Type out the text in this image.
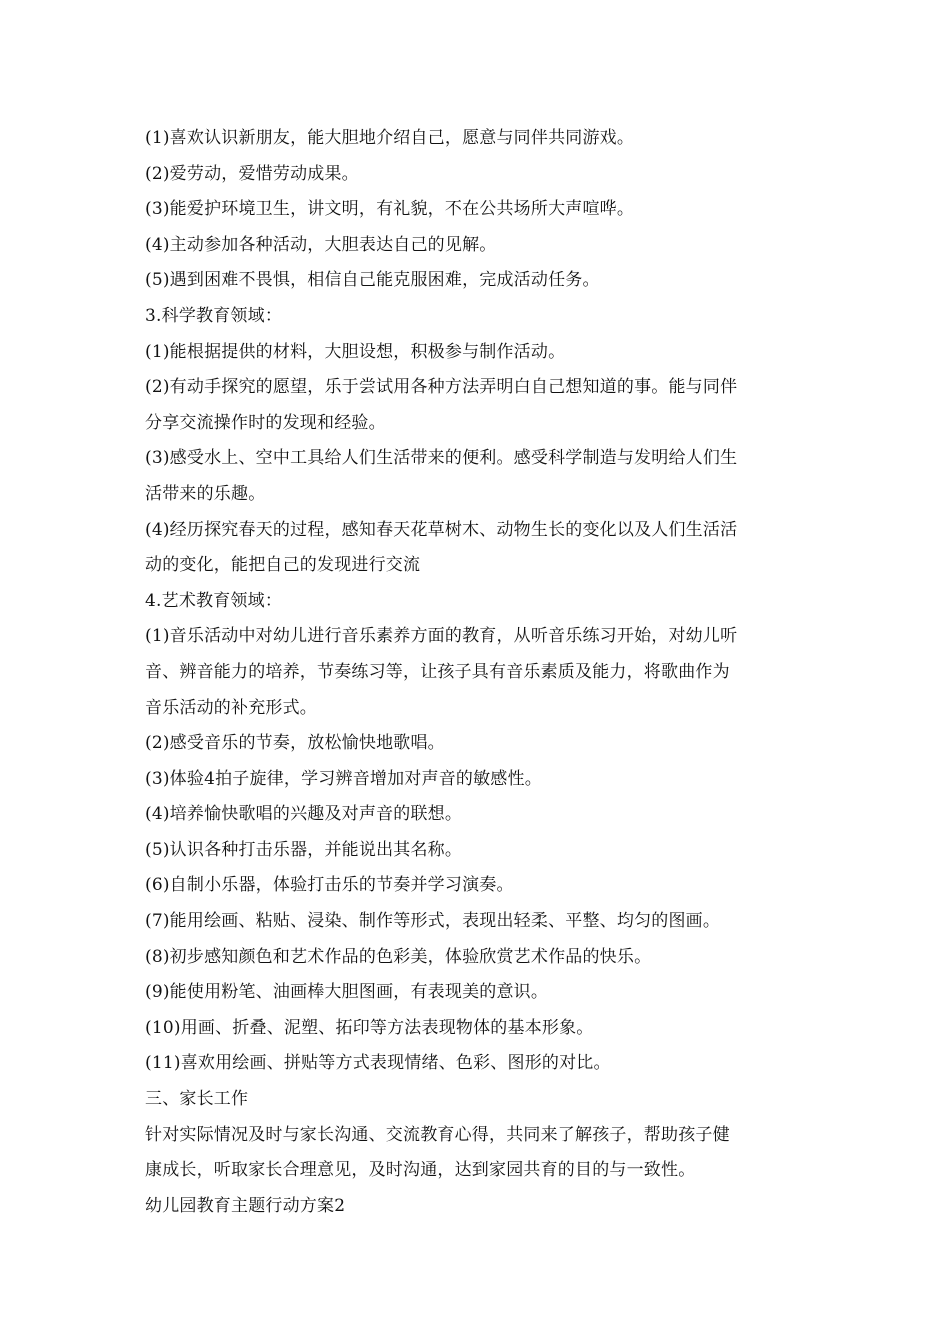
(1)喜欢认识新朋友，能大胆地介绍自己，愿意与同伴共同游戏。

(2)爱劳动，爱惜劳动成果。

(3)能爱护环境卫生，讲文明，有礼貌，不在公共场所大声喧哗。

(4)主动参加各种活动，大胆表达自己的见解。

(5)遇到困难不畏惧，相信自己能克服困难，完成活动任务。

3.科学教育领域：

(1)能根据提供的材料，大胆设想，积极参与制作活动。

(2)有动手探究的愿望，乐于尝试用各种方法弄明白自己想知道的事。能与同伴

分享交流操作时的发现和经验。

(3)感受水上、空中工具给人们生活带来的便利。感受科学制造与发明给人们生

活带来的乐趣。

(4)经历探究春天的过程，感知春天花草树木、动物生长的变化以及人们生活活

动的变化，能把自己的发现进行交流

4.艺术教育领域：

(1)音乐活动中对幼儿进行音乐素养方面的教育，从听音乐练习开始，对幼儿听

音、辨音能力的培养，节奏练习等，让孩子具有音乐素质及能力，将歌曲作为

音乐活动的补充形式。

(2)感受音乐的节奏，放松愉快地歌唱。

(3)体验4拍子旋律，学习辨音增加对声音的敏感性。

(4)培养愉快歌唱的兴趣及对声音的联想。

(5)认识各种打击乐器，并能说出其名称。

(6)自制小乐器，体验打击乐的节奏并学习演奏。

(7)能用绘画、粘贴、浸染、制作等形式，表现出轻柔、平整、均匀的图画。

(8)初步感知颜色和艺术作品的色彩美，体验欣赏艺术作品的快乐。

(9)能使用粉笔、油画棒大胆图画，有表现美的意识。

(10)用画、折叠、泥塑、拓印等方法表现物体的基本形象。

(11)喜欢用绘画、拼贴等方式表现情绪、色彩、图形的对比。

三、家长工作

针对实际情况及时与家长沟通、交流教育心得，共同来了解孩子，帮助孩子健

康成长，听取家长合理意见，及时沟通，达到家园共育的目的与一致性。

幼儿园教育主题行动方案2
